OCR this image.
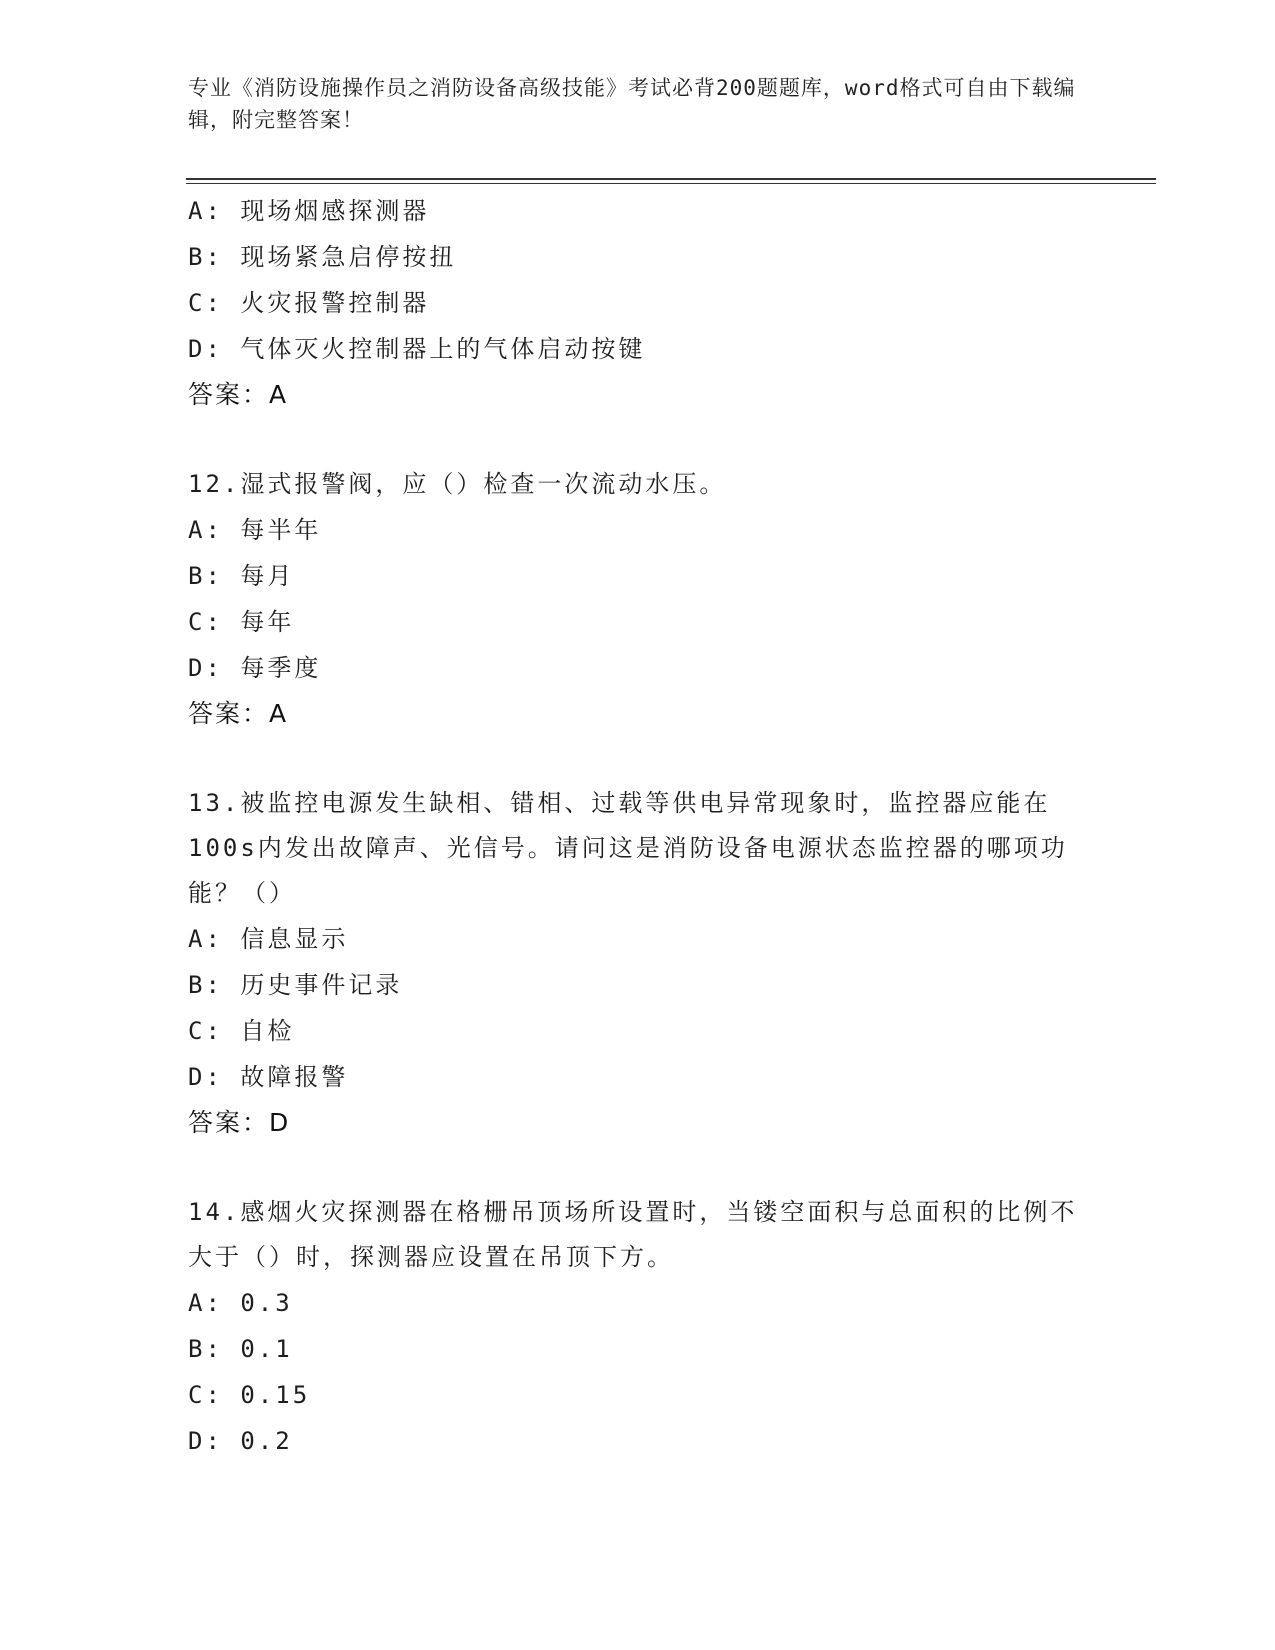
专业《消防设施操作员之消防设备高级技能》考试必背200题题库，word格式可自由下载编辑，附完整答案！
A: 现场烟感探测器
B: 现场紧急启停按扭
C: 火灾报警控制器
D: 气体灭火控制器上的气体启动按键
答案：A
12.湿式报警阀，应（）检查一次流动水压。
A: 每半年
B: 每月
C: 每年
D: 每季度
答案：A
13.被监控电源发生缺相、错相、过载等供电异常现象时，监控器应能在100s内发出故障声、光信号。请问这是消防设备电源状态监控器的哪项功能？（）
A: 信息显示
B: 历史事件记录
C: 自检
D: 故障报警
答案：D
14.感烟火灾探测器在格栅吊顶场所设置时，当镂空面积与总面积的比例不大于（）时，探测器应设置在吊顶下方。
A: 0.3
B: 0.1
C: 0.15
D: 0.2
